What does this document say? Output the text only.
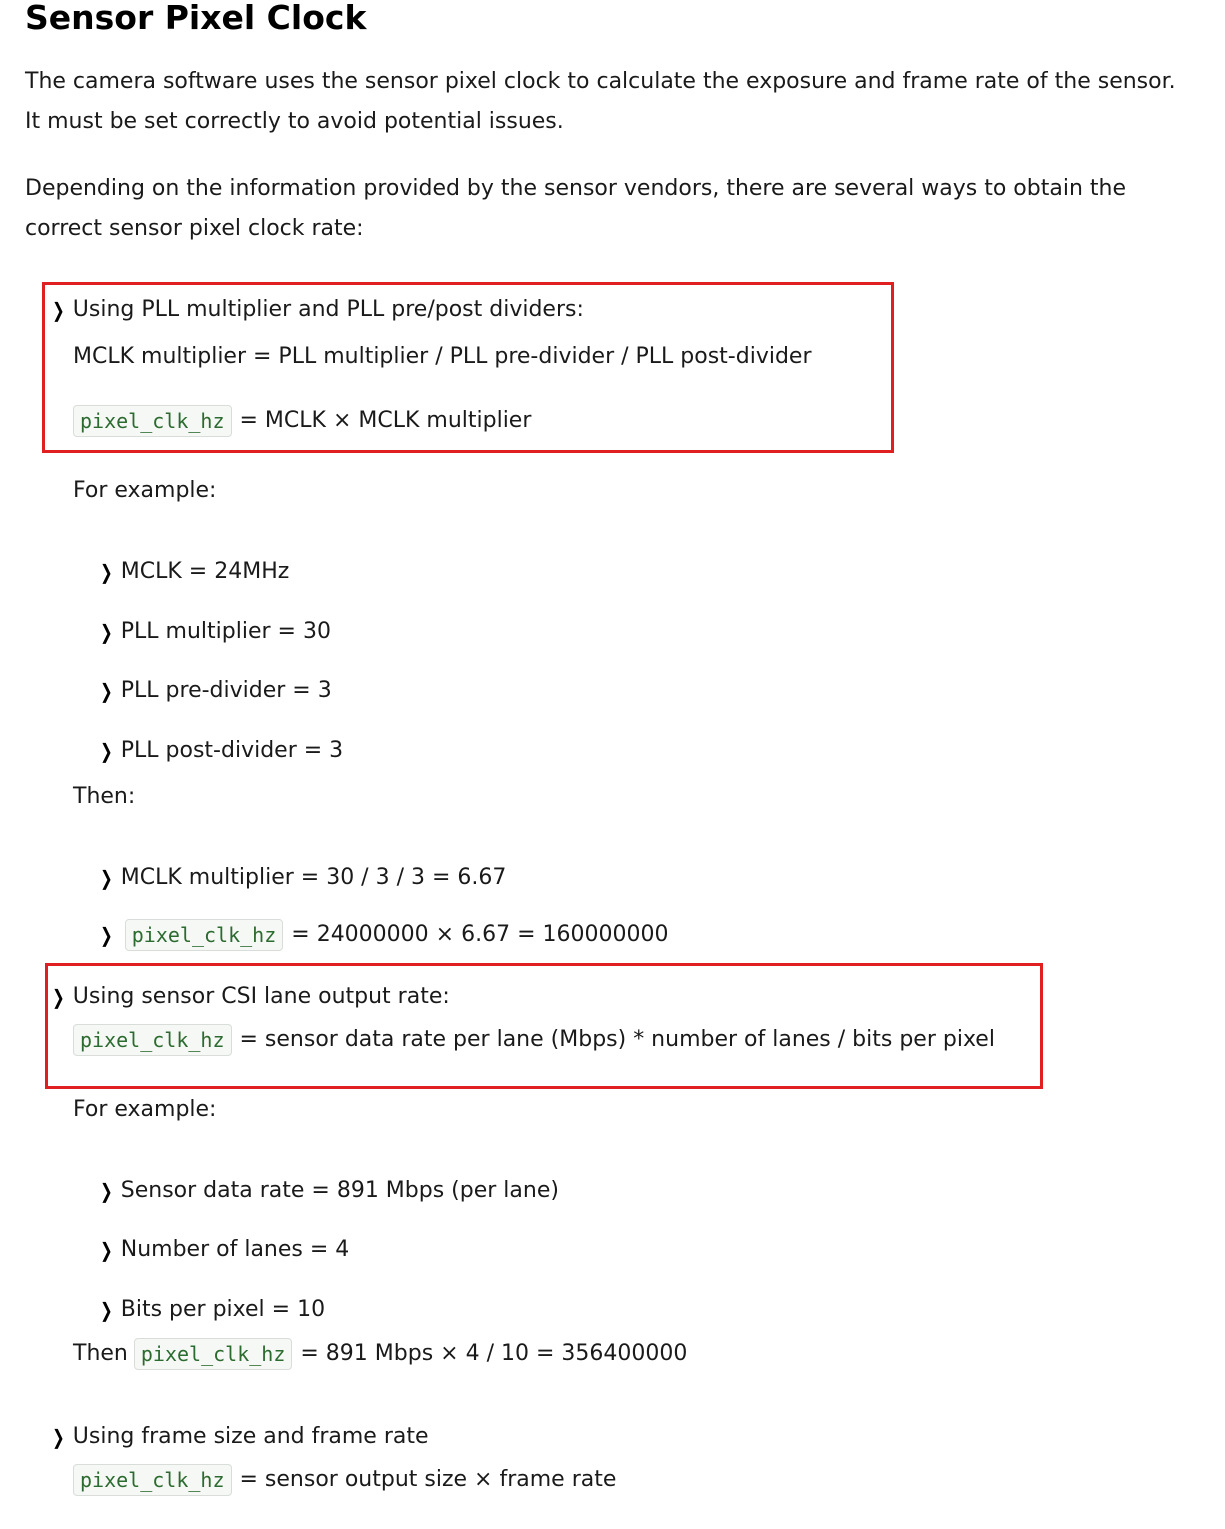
Sensor Pixel Clock
The camera software uses the sensor pixel clock to calculate the exposure and frame rate of the sensor.
It must be set correctly to avoid potential issues.
Depending on the information provided by the sensor vendors, there are several ways to obtain the
correct sensor pixel clock rate:
❯ Using PLL multiplier and PLL pre/post dividers:
MCLK multiplier = PLL multiplier / PLL pre-divider / PLL post-divider
pixel_clk_hz = MCLK × MCLK multiplier
For example:
❯ MCLK = 24MHz
❯ PLL multiplier = 30
❯ PLL pre-divider = 3
❯ PLL post-divider = 3
Then:
❯ MCLK multiplier = 30 / 3 / 3 = 6.67
❯ pixel_clk_hz = 24000000 × 6.67 = 160000000
❯ Using sensor CSI lane output rate:
pixel_clk_hz = sensor data rate per lane (Mbps) * number of lanes / bits per pixel
For example:
❯ Sensor data rate = 891 Mbps (per lane)
❯ Number of lanes = 4
❯ Bits per pixel = 10
Then pixel_clk_hz = 891 Mbps × 4 / 10 = 356400000
❯ Using frame size and frame rate
pixel_clk_hz = sensor output size × frame rate
